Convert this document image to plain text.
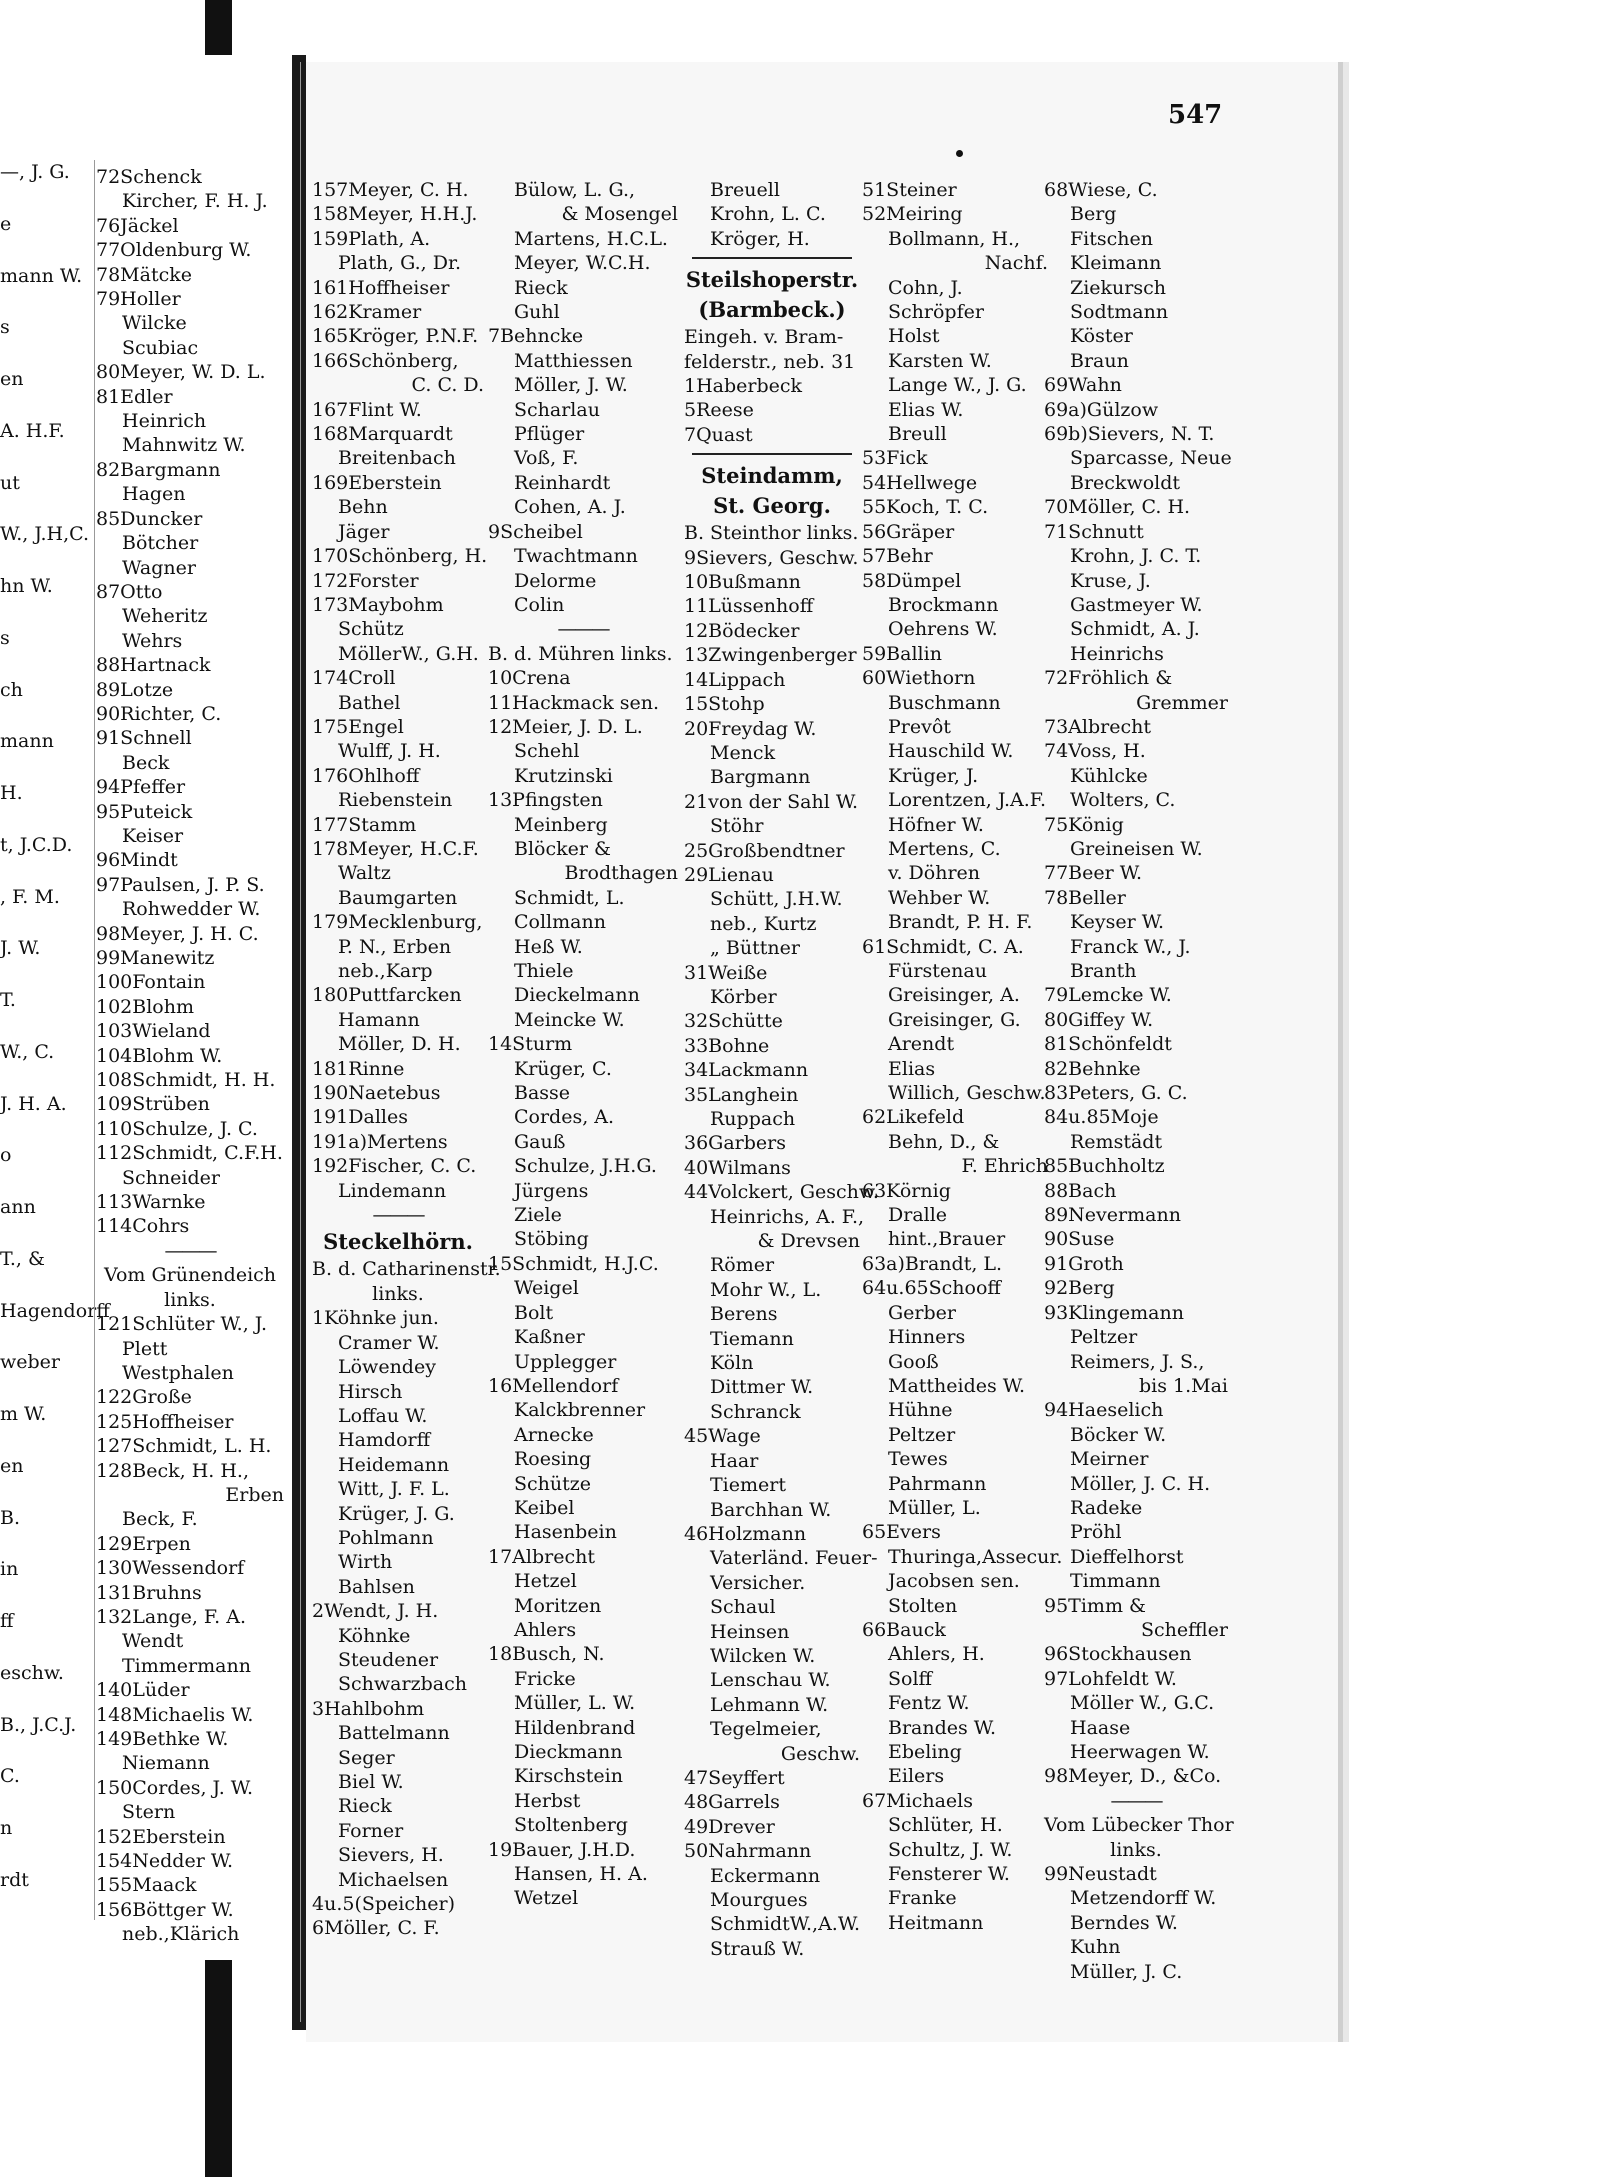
—, J. G.
e
mann W.
s
en
A. H.F.
ut
W., J.H,C.
hn W.
s
ch
mann
H.
t, J.C.D.
, F. M.
J. W.
T.
W., C.
J. H. A.
o
ann
T., &
Hagendorff
weber
m W.
en
B.
in
ff
eschw.
B., J.C.J.
C.
n
rdt
547
72Schenck
Kircher, F. H. J.
76Jäckel
77Oldenburg W.
78Mätcke
79Holler
Wilcke
Scubiac
80Meyer, W. D. L.
81Edler
Heinrich
Mahnwitz W.
82Bargmann
Hagen
85Duncker
Bötcher
Wagner
87Otto
Weheritz
Wehrs
88Hartnack
89Lotze
90Richter, C.
91Schnell
Beck
94Pfeffer
95Puteick
Keiser
96Mindt
97Paulsen, J. P. S.
Rohwedder W.
98Meyer, J. H. C.
99Manewitz
100Fontain
102Blohm
103Wieland
104Blohm W.
108Schmidt, H. H.
109Strüben
110Schulze, J. C.
112Schmidt, C.F.H.
Schneider
113Warnke
114Cohrs
———
Vom Grünendeich
links.
121Schlüter W., J.
Plett
Westphalen
122Große
125Hoffheiser
127Schmidt, L. H.
128Beck, H. H.,
Erben
Beck, F.
129Erpen
130Wessendorf
131Bruhns
132Lange, F. A.
Wendt
Timmermann
140Lüder
148Michaelis W.
149Bethke W.
Niemann
150Cordes, J. W.
Stern
152Eberstein
154Nedder W.
155Maack
156Böttger W.
neb.,Klärich
157Meyer, C. H.
158Meyer, H.H.J.
159Plath, A.
Plath, G., Dr.
161Hoffheiser
162Kramer
165Kröger, P.N.F.
166Schönberg,
C. C. D.
167Flint W.
168Marquardt
Breitenbach
169Eberstein
Behn
Jäger
170Schönberg, H.
172Forster
173Maybohm
Schütz
MöllerW., G.H.
174Croll
Bathel
175Engel
Wulff, J. H.
176Ohlhoff
Riebenstein
177Stamm
178Meyer, H.C.F.
Waltz
Baumgarten
179Mecklenburg,
P. N., Erben
neb.,Karp
180Puttfarcken
Hamann
Möller, D. H.
181Rinne
190Naetebus
191Dalles
191a)Mertens
192Fischer, C. C.
Lindemann
———
Steckelhörn.
B. d. Catharinenstr.
links.
1Köhnke jun.
Cramer W.
Löwendey
Hirsch
Loffau W.
Hamdorff
Heidemann
Witt, J. F. L.
Krüger, J. G.
Pohlmann
Wirth
Bahlsen
2Wendt, J. H.
Köhnke
Steudener
Schwarzbach
3Hahlbohm
Battelmann
Seger
Biel W.
Rieck
Forner
Sievers, H.
Michaelsen
4u.5(Speicher)
6Möller, C. F.
Bülow, L. G.,
& Mosengel
Martens, H.C.L.
Meyer, W.C.H.
Rieck
Guhl
7Behncke
Matthiessen
Möller, J. W.
Scharlau
Pflüger
Voß, F.
Reinhardt
Cohen, A. J.
9Scheibel
Twachtmann
Delorme
Colin
———
B. d. Mühren links.
10Crena
11Hackmack sen.
12Meier, J. D. L.
Schehl
Krutzinski
13Pfingsten
Meinberg
Blöcker &
Brodthagen
Schmidt, L.
Collmann
Heß W.
Thiele
Dieckelmann
Meincke W.
14Sturm
Krüger, C.
Basse
Cordes, A.
Gauß
Schulze, J.H.G.
Jürgens
Ziele
Stöbing
15Schmidt, H.J.C.
Weigel
Bolt
Kaßner
Upplegger
16Mellendorf
Kalckbrenner
Arnecke
Roesing
Schütze
Keibel
Hasenbein
17Albrecht
Hetzel
Moritzen
Ahlers
18Busch, N.
Fricke
Müller, L. W.
Hildenbrand
Dieckmann
Kirschstein
Herbst
Stoltenberg
19Bauer, J.H.D.
Hansen, H. A.
Wetzel
Breuell
Krohn, L. C.
Kröger, H.
Steilshoperstr.
(Barmbeck.)
Eingeh. v. Bram-
felderstr., neb. 31
1Haberbeck
5Reese
7Quast
Steindamm,
St. Georg.
B. Steinthor links.
9Sievers, Geschw.
10Bußmann
11Lüssenhoff
12Bödecker
13Zwingenberger
14Lippach
15Stohp
20Freydag W.
Menck
Bargmann
21von der Sahl W.
Stöhr
25Großbendtner
29Lienau
Schütt, J.H.W.
neb., Kurtz
„ Büttner
31Weiße
Körber
32Schütte
33Bohne
34Lackmann
35Langhein
Ruppach
36Garbers
40Wilmans
44Volckert, Geschw.
Heinrichs, A. F.,
& Drevsen
Römer
Mohr W., L.
Berens
Tiemann
Köln
Dittmer W.
Schranck
45Wage
Haar
Tiemert
Barchhan W.
46Holzmann
Vaterländ. Feuer-
Versicher.
Schaul
Heinsen
Wilcken W.
Lenschau W.
Lehmann W.
Tegelmeier,
Geschw.
47Seyffert
48Garrels
49Drever
50Nahrmann
Eckermann
Mourgues
SchmidtW.,A.W.
Strauß W.
51Steiner
52Meiring
Bollmann, H.,
Nachf.
Cohn, J.
Schröpfer
Holst
Karsten W.
Lange W., J. G.
Elias W.
Breull
53Fick
54Hellwege
55Koch, T. C.
56Gräper
57Behr
58Dümpel
Brockmann
Oehrens W.
59Ballin
60Wiethorn
Buschmann
Prevôt
Hauschild W.
Krüger, J.
Lorentzen, J.A.F.
Höfner W.
Mertens, C.
v. Döhren
Wehber W.
Brandt, P. H. F.
61Schmidt, C. A.
Fürstenau
Greisinger, A.
Greisinger, G.
Arendt
Elias
Willich, Geschw.
62Likefeld
Behn, D., &
F. Ehrich
63Körnig
Dralle
hint.,Brauer
63a)Brandt, L.
64u.65Schooff
Gerber
Hinners
Gooß
Mattheides W.
Hühne
Peltzer
Tewes
Pahrmann
Müller, L.
65Evers
Thuringa,Assecur.
Jacobsen sen.
Stolten
66Bauck
Ahlers, H.
Solff
Fentz W.
Brandes W.
Ebeling
Eilers
67Michaels
Schlüter, H.
Schultz, J. W.
Fensterer W.
Franke
Heitmann
68Wiese, C.
Berg
Fitschen
Kleimann
Ziekursch
Sodtmann
Köster
Braun
69Wahn
69a)Gülzow
69b)Sievers, N. T.
Sparcasse, Neue
Breckwoldt
70Möller, C. H.
71Schnutt
Krohn, J. C. T.
Kruse, J.
Gastmeyer W.
Schmidt, A. J.
Heinrichs
72Fröhlich &
Gremmer
73Albrecht
74Voss, H.
Kühlcke
Wolters, C.
75König
Greineisen W.
77Beer W.
78Beller
Keyser W.
Franck W., J.
Branth
79Lemcke W.
80Giffey W.
81Schönfeldt
82Behnke
83Peters, G. C.
84u.85Moje
Remstädt
85Buchholtz
88Bach
89Nevermann
90Suse
91Groth
92Berg
93Klingemann
Peltzer
Reimers, J. S.,
bis 1.Mai
94Haeselich
Böcker W.
Meirner
Möller, J. C. H.
Radeke
Pröhl
Dieffelhorst
Timmann
95Timm &
Scheffler
96Stockhausen
97Lohfeldt W.
Möller W., G.C.
Haase
Heerwagen W.
98Meyer, D., &Co.
———
Vom Lübecker Thor
links.
99Neustadt
Metzendorff W.
Berndes W.
Kuhn
Müller, J. C.
